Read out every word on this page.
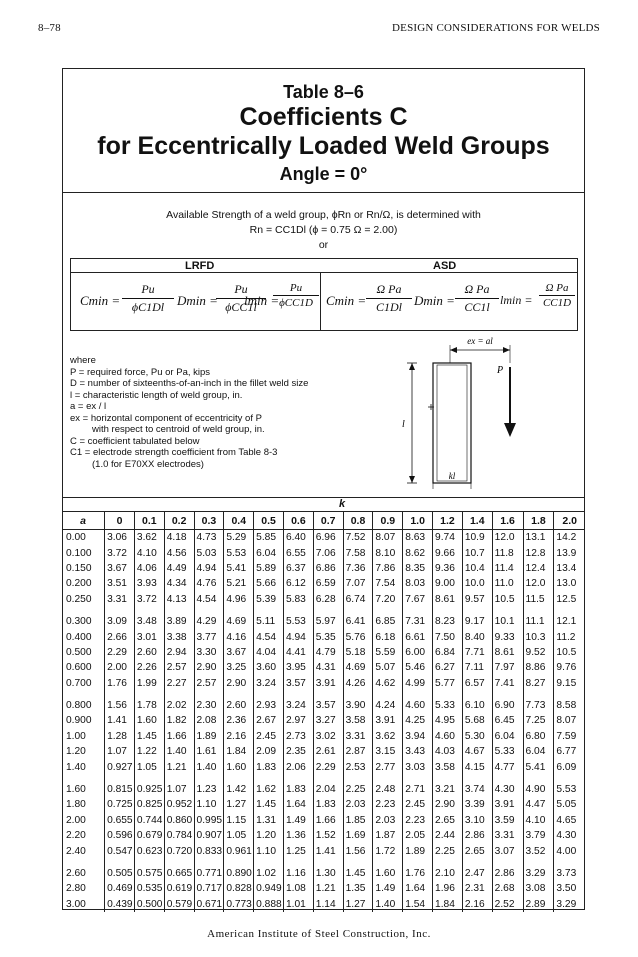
8–78	DESIGN CONSIDERATIONS FOR WELDS
Table 8–6
Coefficients C
for Eccentrically Loaded Weld Groups
Angle = 0°
Available Strength of a weld group, ϕRn or Rn/Ω, is determined with
Rn = CC1Dl (ϕ = 0.75 Ω = 2.00)
or
LRFD	ASD
$Cmin = \frac{Pu}{\phi C1Dl}$ Dmin =
Pu
ϕCC1l
lmin =
Pu
ϕCC1D	$Cmin = \frac{\text{Ω Pa}}{C1Dl}$ $Dmin = \frac{\text{Ω Pa}}{CC1l}$ $lmin = \frac{\text{Ω Pa}}{CC1D}$
where
P = required force, Pu or Pa, kips
D = number of sixteenths-of-an-inch in the fillet weld size
l = characteristic length of weld group, in.
a = ex / l
ex = horizontal component of eccentricity of P
with respect to centroid of weld group, in.
C = coefficient tabulated below
C1 = electrode strength coefficient from Table 8-3
(1.0 for E70XX electrodes)
ex = al
P
l
kl
k
a	0	0.1	0.2	0.3	0.4	0.5	0.6	0.7	0.8	0.9	1.0	1.2	1.4	1.6	1.8	2.0
0.00	3.06	3.62	4.18	4.73	5.29	5.85	6.40	6.96	7.52	8.07	8.63	9.74	10.9	12.0	13.1	14.2
0.100	3.72	4.10	4.56	5.03	5.53	6.04	6.55	7.06	7.58	8.10	8.62	9.66	10.7	11.8	12.8	13.9
0.150	3.67	4.06	4.49	4.94	5.41	5.89	6.37	6.86	7.36	7.86	8.35	9.36	10.4	11.4	12.4	13.4
0.200	3.51	3.93	4.34	4.76	5.21	5.66	6.12	6.59	7.07	7.54	8.03	9.00	10.0	11.0	12.0	13.0
0.250	3.31	3.72	4.13	4.54	4.96	5.39	5.83	6.28	6.74	7.20	7.67	8.61	9.57	10.5	11.5	12.5

0.300	3.09	3.48	3.89	4.29	4.69	5.11	5.53	5.97	6.41	6.85	7.31	8.23	9.17	10.1	11.1	12.1
0.400	2.66	3.01	3.38	3.77	4.16	4.54	4.94	5.35	5.76	6.18	6.61	7.50	8.40	9.33	10.3	11.2
0.500	2.29	2.60	2.94	3.30	3.67	4.04	4.41	4.79	5.18	5.59	6.00	6.84	7.71	8.61	9.52	10.5
0.600	2.00	2.26	2.57	2.90	3.25	3.60	3.95	4.31	4.69	5.07	5.46	6.27	7.11	7.97	8.86	9.76
0.700	1.76	1.99	2.27	2.57	2.90	3.24	3.57	3.91	4.26	4.62	4.99	5.77	6.57	7.41	8.27	9.15

0.800	1.56	1.78	2.02	2.30	2.60	2.93	3.24	3.57	3.90	4.24	4.60	5.33	6.10	6.90	7.73	8.58
0.900	1.41	1.60	1.82	2.08	2.36	2.67	2.97	3.27	3.58	3.91	4.25	4.95	5.68	6.45	7.25	8.07
1.00	1.28	1.45	1.66	1.89	2.16	2.45	2.73	3.02	3.31	3.62	3.94	4.60	5.30	6.04	6.80	7.59
1.20	1.07	1.22	1.40	1.61	1.84	2.09	2.35	2.61	2.87	3.15	3.43	4.03	4.67	5.33	6.04	6.77
1.40	0.927	1.05	1.21	1.40	1.60	1.83	2.06	2.29	2.53	2.77	3.03	3.58	4.15	4.77	5.41	6.09

1.60	0.815	0.925	1.07	1.23	1.42	1.62	1.83	2.04	2.25	2.48	2.71	3.21	3.74	4.30	4.90	5.53
1.80	0.725	0.825	0.952	1.10	1.27	1.45	1.64	1.83	2.03	2.23	2.45	2.90	3.39	3.91	4.47	5.05
2.00	0.655	0.744	0.860	0.995	1.15	1.31	1.49	1.66	1.85	2.03	2.23	2.65	3.10	3.59	4.10	4.65
2.20	0.596	0.679	0.784	0.907	1.05	1.20	1.36	1.52	1.69	1.87	2.05	2.44	2.86	3.31	3.79	4.30
2.40	0.547	0.623	0.720	0.833	0.961	1.10	1.25	1.41	1.56	1.72	1.89	2.25	2.65	3.07	3.52	4.00

2.60	0.505	0.575	0.665	0.771	0.890	1.02	1.16	1.30	1.45	1.60	1.76	2.10	2.47	2.86	3.29	3.73
2.80	0.469	0.535	0.619	0.717	0.828	0.949	1.08	1.21	1.35	1.49	1.64	1.96	2.31	2.68	3.08	3.50
3.00	0.439	0.500	0.579	0.671	0.773	0.888	1.01	1.14	1.27	1.40	1.54	1.84	2.16	2.52	2.89	3.29
American Institute of Steel Construction, Inc.
